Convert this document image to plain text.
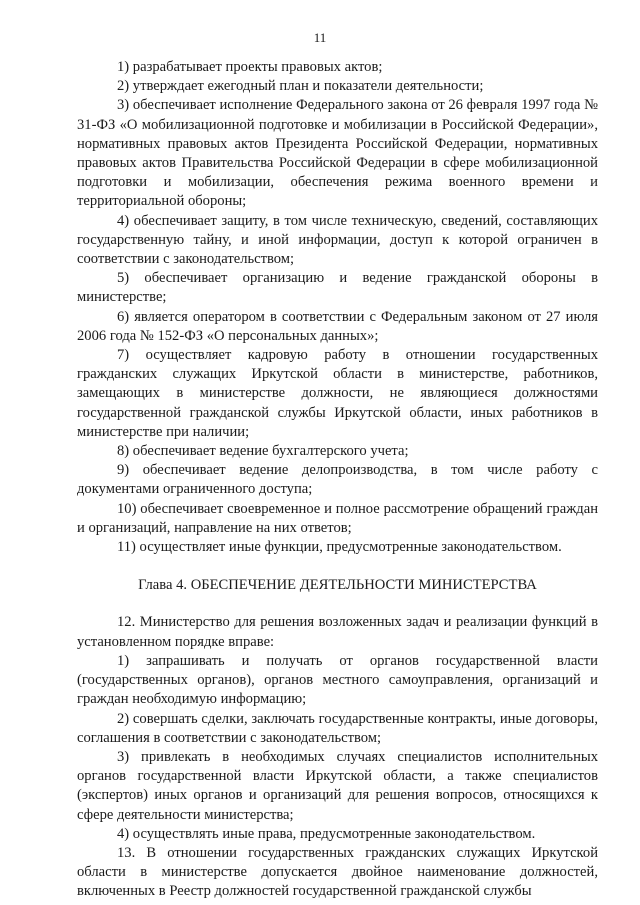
11

1) разрабатывает проекты правовых актов;

2) утверждает ежегодный план и показатели деятельности;

3) обеспечивает исполнение Федерального закона от 26 февраля 1997 года № 31-ФЗ «О мобилизационной подготовке и мобилизации в Российской Федерации», нормативных правовых актов Президента Российской Федерации, нормативных правовых актов Правительства Российской Федерации в сфере мобилизационной подготовки и мобилизации, обеспечения режима военного времени и территориальной обороны;

4) обеспечивает защиту, в том числе техническую, сведений, составляющих государственную тайну, и иной информации, доступ к которой ограничен в соответствии с законодательством;

5) обеспечивает организацию и ведение гражданской обороны в министерстве;

6) является оператором в соответствии с Федеральным законом от 27 июля 2006 года № 152-ФЗ «О персональных данных»;

7) осуществляет кадровую работу в отношении государственных гражданских служащих Иркутской области в министерстве, работников, замещающих в министерстве должности, не являющиеся должностями государственной гражданской службы Иркутской области, иных работников в министерстве при наличии;

8) обеспечивает ведение бухгалтерского учета;

9) обеспечивает ведение делопроизводства, в том числе работу с документами ограниченного доступа;

10) обеспечивает своевременное и полное рассмотрение обращений граждан и организаций, направление на них ответов;

11) осуществляет иные функции, предусмотренные законодательством.

Глава 4. ОБЕСПЕЧЕНИЕ ДЕЯТЕЛЬНОСТИ МИНИСТЕРСТВА

12. Министерство для решения возложенных задач и реализации функций в установленном порядке вправе:

1) запрашивать и получать от органов государственной власти (государственных органов), органов местного самоуправления, организаций и граждан необходимую информацию;

2) совершать сделки, заключать государственные контракты, иные договоры, соглашения в соответствии с законодательством;

3) привлекать в необходимых случаях специалистов исполнительных органов государственной власти Иркутской области, а также специалистов (экспертов) иных органов и организаций для решения вопросов, относящихся к сфере деятельности министерства;

4) осуществлять иные права, предусмотренные законодательством.

13. В отношении государственных гражданских служащих Иркутской области в министерстве допускается двойное наименование должностей, включенных в Реестр должностей государственной гражданской службы
